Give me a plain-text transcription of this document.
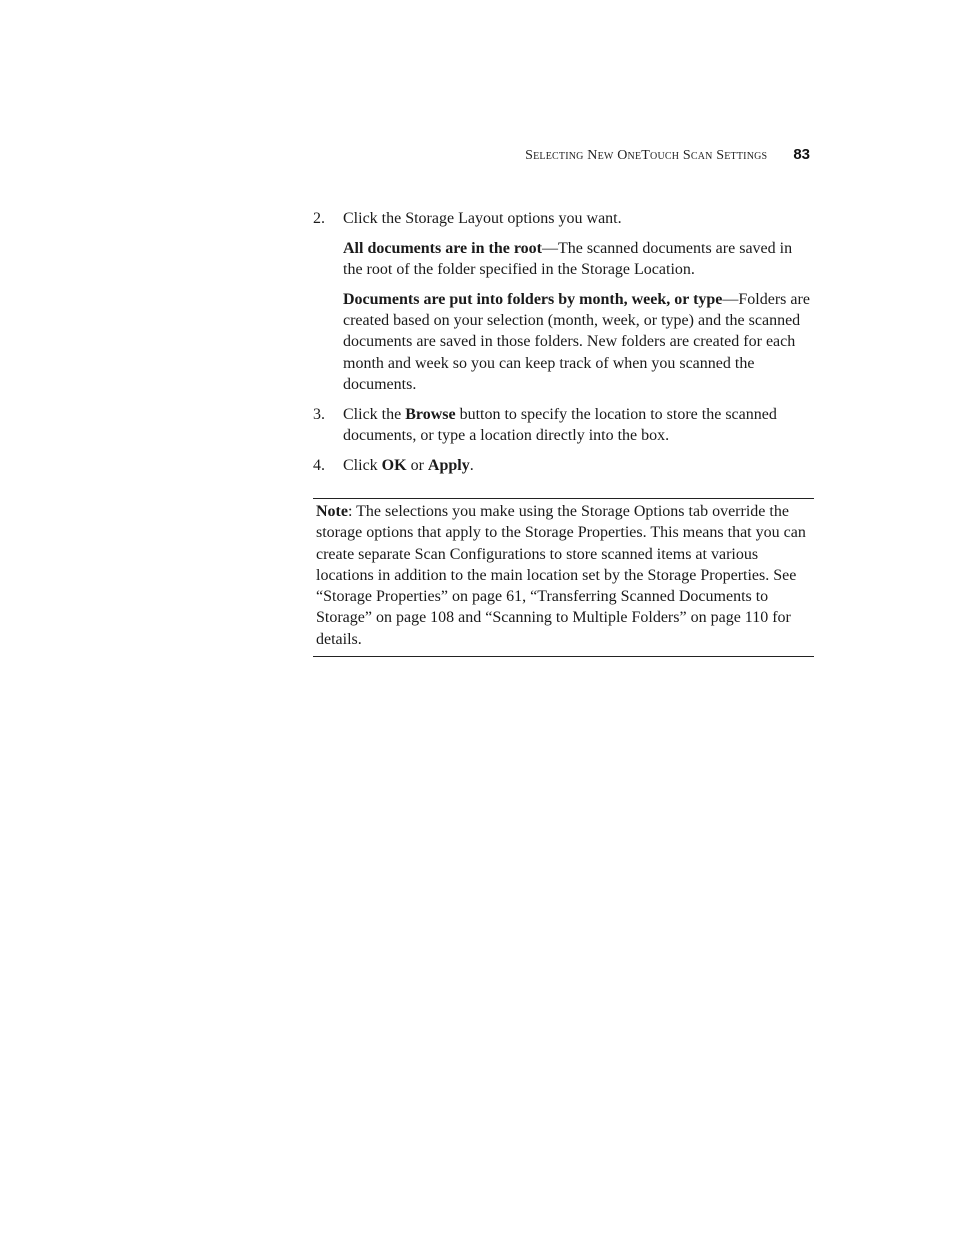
Selecting New OneTouch Scan Settings 83
2. Click the Storage Layout options you want.

All documents are in the root—The scanned documents are saved in the root of the folder specified in the Storage Location.

Documents are put into folders by month, week, or type—Folders are created based on your selection (month, week, or type) and the scanned documents are saved in those folders. New folders are created for each month and week so you can keep track of when you scanned the documents.

3. Click the Browse button to specify the location to store the scanned documents, or type a location directly into the box.
4. Click OK or Apply.
Note: The selections you make using the Storage Options tab override the storage options that apply to the Storage Properties. This means that you can create separate Scan Configurations to store scanned items at various locations in addition to the main location set by the Storage Properties. See “Storage Properties” on page 61, “Transferring Scanned Documents to Storage” on page 108 and “Scanning to Multiple Folders” on page 110 for details.
